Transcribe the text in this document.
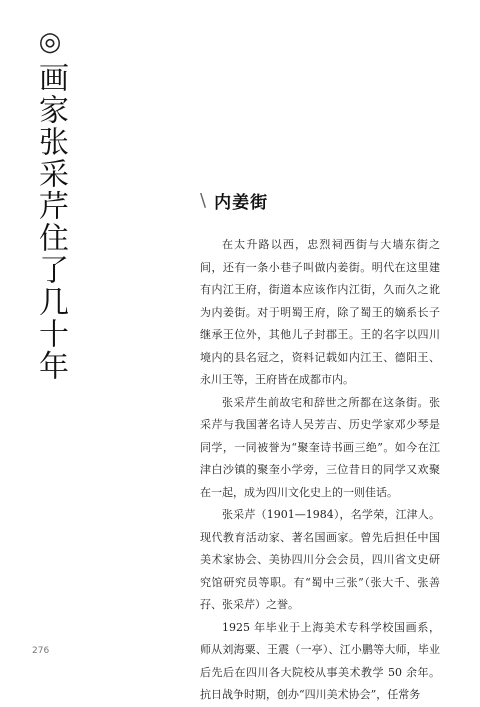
◎
画家张采芹住了几十年	\ 内姜街

在太升路以西，忠烈祠西街与大墙东街之间，还有一条小巷子叫做内姜街。明代在这里建有内江王府，街道本应该作内江街，久而久之讹为内姜街。对于明蜀王府，除了蜀王的嫡系长子继承王位外，其他儿子封郡王。王的名字以四川境内的县名冠之，资料记载如内江王、德阳王、永川王等，王府皆在成都市内。

张采芹生前故宅和辞世之所都在这条街。张采芹与我国著名诗人吴芳吉、历史学家邓少琴是同学，一同被誉为“聚奎诗书画三绝”。如今在江津白沙镇的聚奎小学旁，三位昔日的同学又欢聚在一起，成为四川文化史上的一则佳话。

张采芹（1901—1984），名学荣，江津人。现代教育活动家、著名国画家。曾先后担任中国美术家协会、美协四川分会会员，四川省文史研究馆研究员等职。有“蜀中三张”（张大千、张善孖、张采芹）之誉。

1925 年毕业于上海美术专科学校国画系，师从刘海粟、王震（一亭）、江小鹏等大师，毕业后先后在四川各大院校从事美术教学 50 余年。抗日战争时期，创办“四川美术协会”，任常务

276
